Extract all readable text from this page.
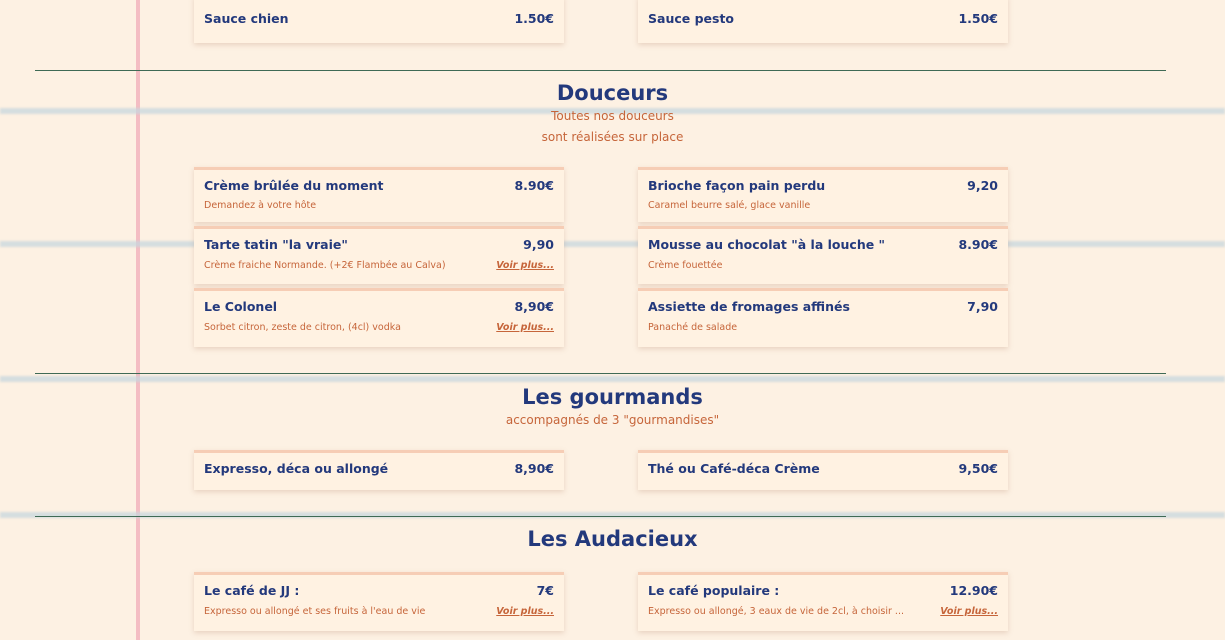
Sauce chien	1.50€	Sauce pesto	1.50€
Douceurs
Toutes nos douceurs
sont réalisées sur place
Crème brûlée du moment	8.90€
Demandez à votre hôte
Brioche façon pain perdu	9,20
Caramel beurre salé, glace vanille
Tarte tatin "la vraie"	9,90
Crème fraiche Normande. (+2€ Flambée au Calva)	Voir plus...
Mousse au chocolat "à la louche "	8.90€
Crème fouettée
Le Colonel	8,90€
Sorbet citron, zeste de citron, (4cl) vodka	Voir plus...
Assiette de fromages affinés	7,90
Panaché de salade
Les gourmands
accompagnés de 3 "gourmandises"
Expresso, déca ou allongé	8,90€	Thé ou Café-déca Crème	9,50€
Les Audacieux
Le café de JJ :	7€
Expresso ou allongé et ses fruits à l'eau de vie	Voir plus...
Le café populaire :	12.90€
Expresso ou allongé, 3 eaux de vie de 2cl, à choisir ...	Voir plus...
